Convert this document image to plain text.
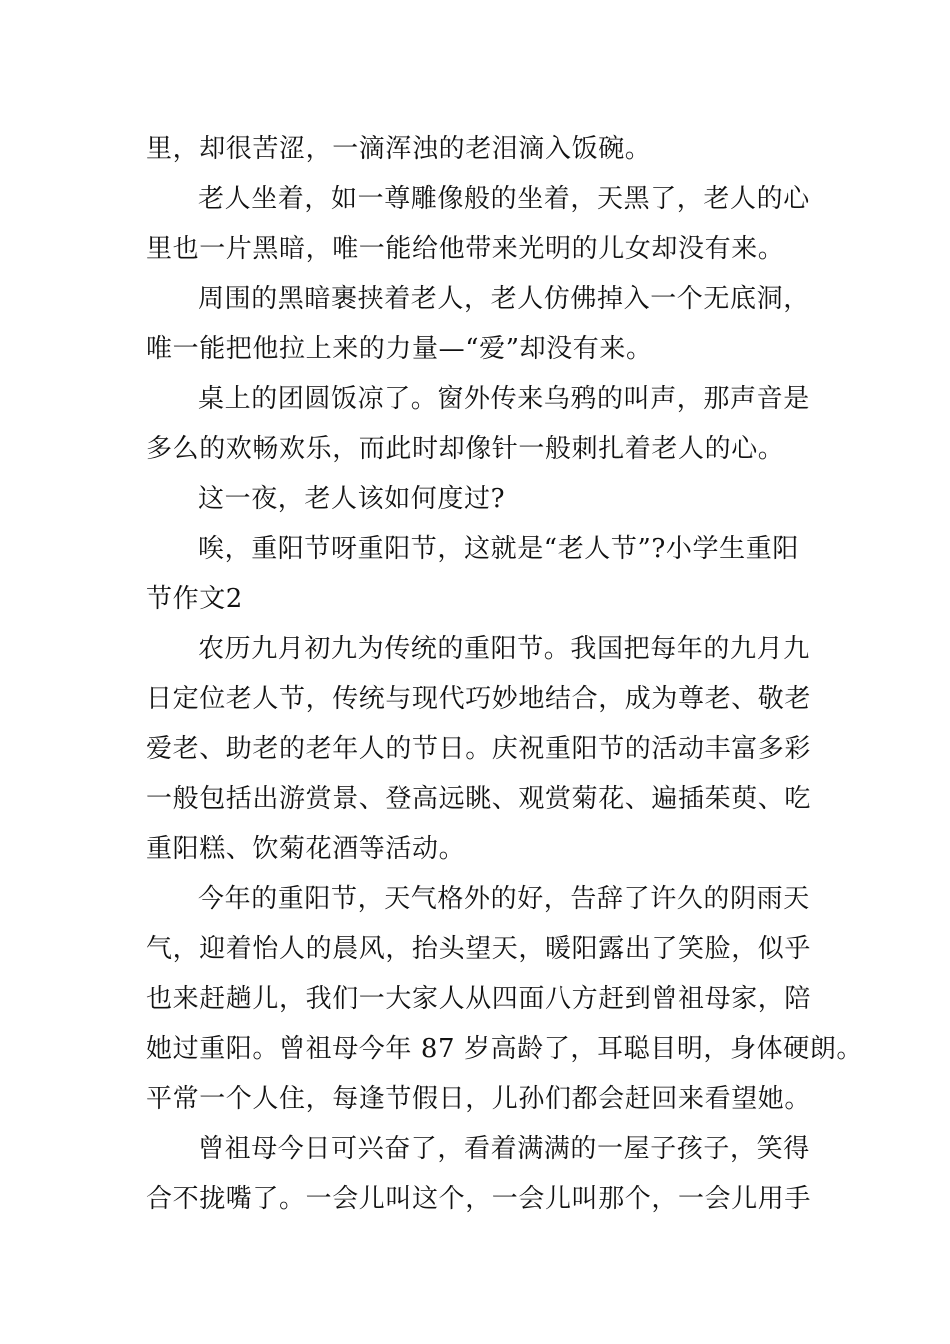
里，却很苦涩，一滴浑浊的老泪滴入饭碗。
老人坐着，如一尊雕像般的坐着，天黑了，老人的心
里也一片黑暗，唯一能给他带来光明的儿女却没有来。
周围的黑暗裹挟着老人，老人仿佛掉入一个无底洞，
唯一能把他拉上来的力量—“爱”却没有来。
桌上的团圆饭凉了。窗外传来乌鸦的叫声，那声音是
多么的欢畅欢乐，而此时却像针一般刺扎着老人的心。
这一夜，老人该如何度过?
唉，重阳节呀重阳节，这就是“老人节”?小学生重阳
节作文2
农历九月初九为传统的重阳节。我国把每年的九月九
日定位老人节，传统与现代巧妙地结合，成为尊老、敬老
爱老、助老的老年人的节日。庆祝重阳节的活动丰富多彩
一般包括出游赏景、登高远眺、观赏菊花、遍插茱萸、吃
重阳糕、饮菊花酒等活动。
今年的重阳节，天气格外的好，告辞了许久的阴雨天
气，迎着怡人的晨风，抬头望天，暖阳露出了笑脸，似乎
也来赶趟儿，我们一大家人从四面八方赶到曾祖母家，陪
她过重阳。曾祖母今年 87 岁高龄了，耳聪目明，身体硬朗。
平常一个人住，每逢节假日，儿孙们都会赶回来看望她。
曾祖母今日可兴奋了，看着满满的一屋子孩子，笑得
合不拢嘴了。一会儿叫这个，一会儿叫那个，一会儿用手
